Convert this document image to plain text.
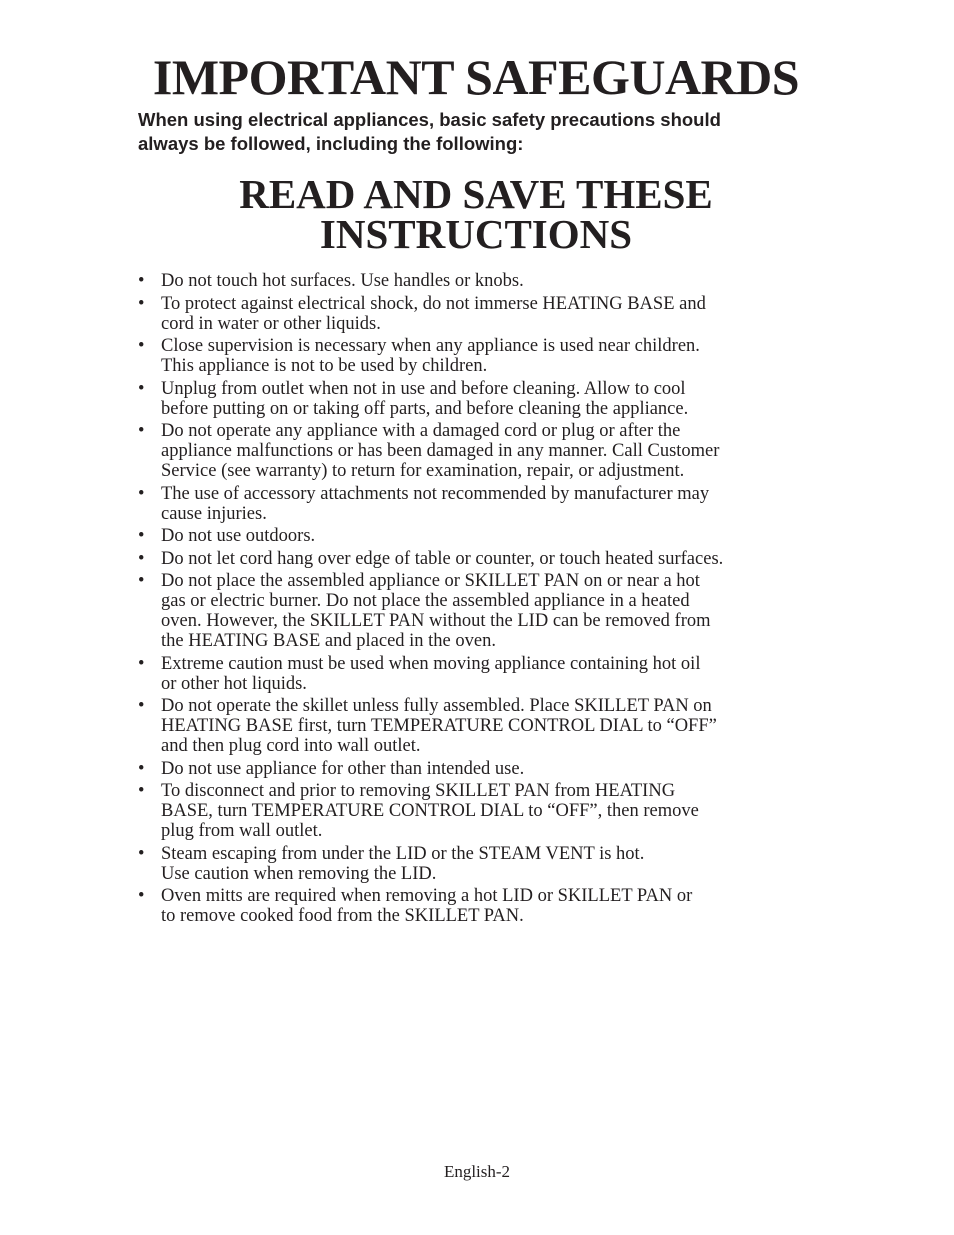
IMPORTANT SAFEGUARDS

When using electrical appliances, basic safety precautions should
always be followed, including the following:

READ AND SAVE THESE
INSTRUCTIONS
• Do not touch hot surfaces. Use handles or knobs.
• To protect against electrical shock, do not immerse HEATING BASE and
cord in water or other liquids.
• Close supervision is necessary when any appliance is used near children.
This appliance is not to be used by children.
• Unplug from outlet when not in use and before cleaning. Allow to cool
before putting on or taking off parts, and before cleaning the appliance.
• Do not operate any appliance with a damaged cord or plug or after the
appliance malfunctions or has been damaged in any manner. Call Customer
Service (see warranty) to return for examination, repair, or adjustment.
• The use of accessory attachments not recommended by manufacturer may
cause injuries.
• Do not use outdoors.
• Do not let cord hang over edge of table or counter, or touch heated surfaces.
• Do not place the assembled appliance or SKILLET PAN on or near a hot
gas or electric burner. Do not place the assembled appliance in a heated
oven. However, the SKILLET PAN without the LID can be removed from
the HEATING BASE and placed in the oven.
• Extreme caution must be used when moving appliance containing hot oil
or other hot liquids.
• Do not operate the skillet unless fully assembled. Place SKILLET PAN on
HEATING BASE first, turn TEMPERATURE CONTROL DIAL to “OFF”
and then plug cord into wall outlet.
• Do not use appliance for other than intended use.
• To disconnect and prior to removing SKILLET PAN from HEATING
BASE, turn TEMPERATURE CONTROL DIAL to “OFF”, then remove
plug from wall outlet.
• Steam escaping from under the LID or the STEAM VENT is hot.
Use caution when removing the LID.
• Oven mitts are required when removing a hot LID or SKILLET PAN or
to remove cooked food from the SKILLET PAN.
English-2
